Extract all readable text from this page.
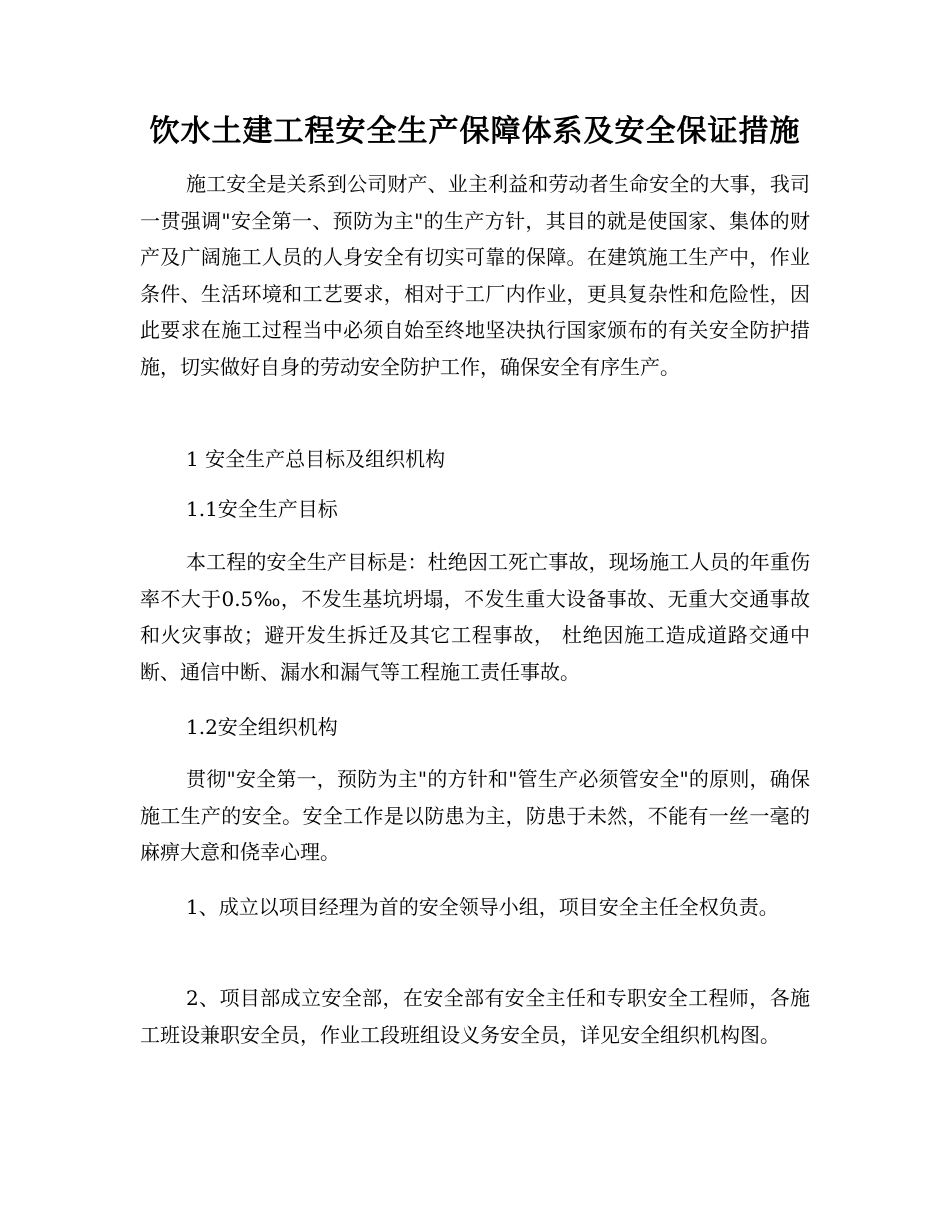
饮水土建工程安全生产保障体系及安全保证措施

施工安全是关系到公司财产、业主利益和劳动者生命安全的大事，我司一贯强调"安全第一、预防为主"的生产方针，其目的就是使国家、集体的财产及广阔施工人员的人身安全有切实可靠的保障。在建筑施工生产中，作业条件、生活环境和工艺要求，相对于工厂内作业，更具复杂性和危险性，因此要求在施工过程当中必须自始至终地坚决执行国家颁布的有关安全防护措施，切实做好自身的劳动安全防护工作，确保安全有序生产。

1 安全生产总目标及组织机构

1.1安全生产目标

本工程的安全生产目标是：杜绝因工死亡事故，现场施工人员的年重伤率不大于0.5‰，不发生基坑坍塌，不发生重大设备事故、无重大交通事故和火灾事故；避开发生拆迁及其它工程事故， 杜绝因施工造成道路交通中断、通信中断、漏水和漏气等工程施工责任事故。

1.2安全组织机构

贯彻"安全第一，预防为主"的方针和"管生产必须管安全"的原则，确保施工生产的安全。安全工作是以防患为主，防患于未然，不能有一丝一毫的麻痹大意和侥幸心理。

1、成立以项目经理为首的安全领导小组，项目安全主任全权负责。

2、项目部成立安全部，在安全部有安全主任和专职安全工程师，各施工班设兼职安全员，作业工段班组设义务安全员，详见安全组织机构图。
